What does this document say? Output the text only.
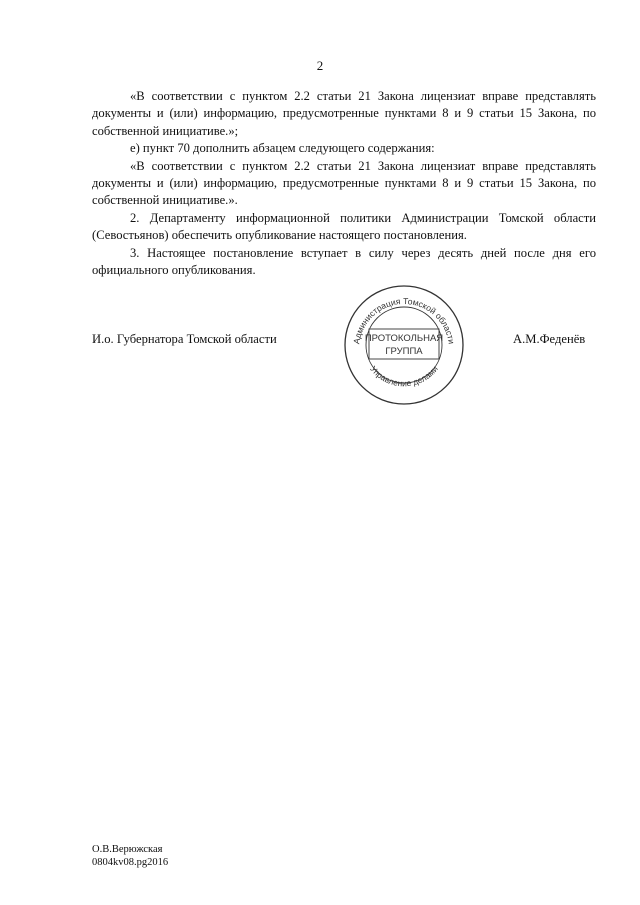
2

«В соответствии с пунктом 2.2 статьи 21 Закона лицензиат вправе представлять документы и (или) информацию, предусмотренные пунктами 8 и 9 статьи 15 Закона, по собственной инициативе.»;

е) пункт 70 дополнить абзацем следующего содержания:

«В соответствии с пунктом 2.2 статьи 21 Закона лицензиат вправе представлять документы и (или) информацию, предусмотренные пунктами 8 и 9 статьи 15 Закона, по собственной инициативе.».

2. Департаменту информационной политики Администрации Томской области (Севостьянов) обеспечить опубликование настоящего постановления.

3. Настоящее постановление вступает в силу через десять дней после дня его официального опубликования.

И.о. Губернатора Томской области	А.М.Феденёв
Администрация Томской области
Управление делами
ПРОТОКОЛЬНАЯ
ГРУППА
О.В.Верюжская
0804kv08.pg2016
